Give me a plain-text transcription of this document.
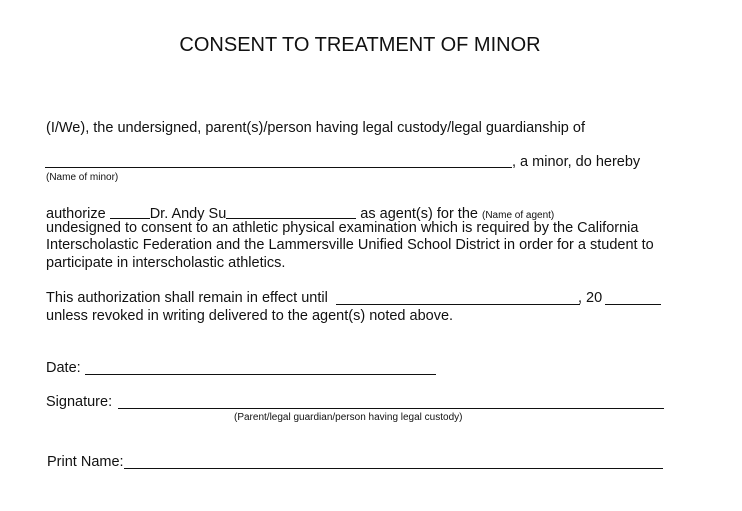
CONSENT TO TREATMENT OF MINOR
(I/We), the undersigned, parent(s)/person having legal custody/legal guardianship of
, a minor, do hereby
(Name of minor)
authorize	Dr. Andy Su	as agent(s) for the (Name of agent)
undesigned to consent to an athletic physical examination which is required by the California
Interscholastic Federation and the Lammersville Unified School District in order for a student to
participate in interscholastic athletics.
This authorization shall remain in effect until	, 20
unless revoked in writing delivered to the agent(s) noted above.
Date:
Signature:
(Parent/legal guardian/person having legal custody)
Print Name:
